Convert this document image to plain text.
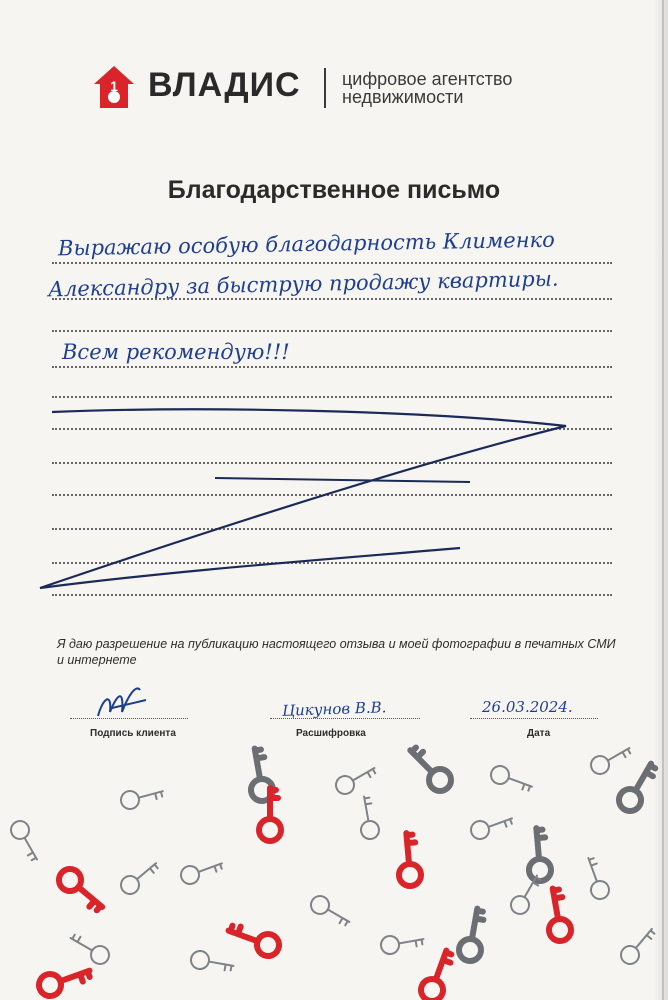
1 ВЛАДИС цифровое агентство
недвижимости
Благодарственное письмо
Выражаю особую благодарность Клименко
Александру за быструю продажу квартиры.
Всем рекомендую!!!
Я даю разрешение на публикацию настоящего отзыва и моей фотографии в печатных СМИ и интернете
Подпись клиента
Цикунов В.В.
Расшифровка
26.03.2024.
Дата
